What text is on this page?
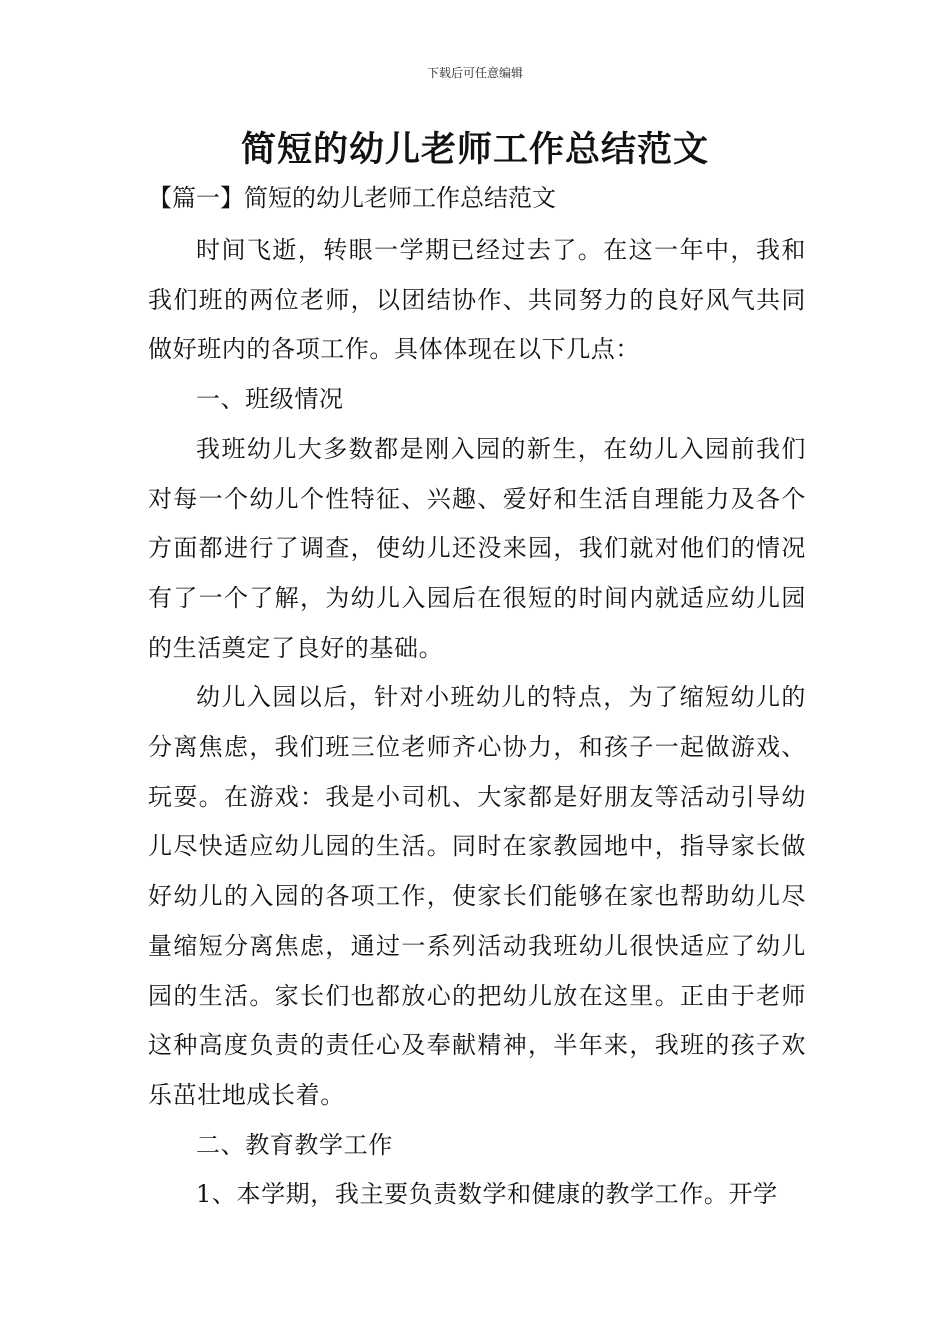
下载后可任意编辑
简短的幼儿老师工作总结范文
【篇一】简短的幼儿老师工作总结范文

时间飞逝，转眼一学期已经过去了。在这一年中，我和我们班的两位老师，以团结协作、共同努力的良好风气共同做好班内的各项工作。具体体现在以下几点：

一、班级情况

我班幼儿大多数都是刚入园的新生，在幼儿入园前我们对每一个幼儿个性特征、兴趣、爱好和生活自理能力及各个方面都进行了调查，使幼儿还没来园，我们就对他们的情况有了一个了解，为幼儿入园后在很短的时间内就适应幼儿园的生活奠定了良好的基础。

幼儿入园以后，针对小班幼儿的特点，为了缩短幼儿的分离焦虑，我们班三位老师齐心协力，和孩子一起做游戏、玩耍。在游戏：我是小司机、大家都是好朋友等活动引导幼儿尽快适应幼儿园的生活。同时在家教园地中，指导家长做好幼儿的入园的各项工作，使家长们能够在家也帮助幼儿尽量缩短分离焦虑，通过一系列活动我班幼儿很快适应了幼儿园的生活。家长们也都放心的把幼儿放在这里。正由于老师这种高度负责的责任心及奉献精神，半年来，我班的孩子欢乐茁壮地成长着。

二、教育教学工作

1、本学期，我主要负责数学和健康的教学工作。开学
